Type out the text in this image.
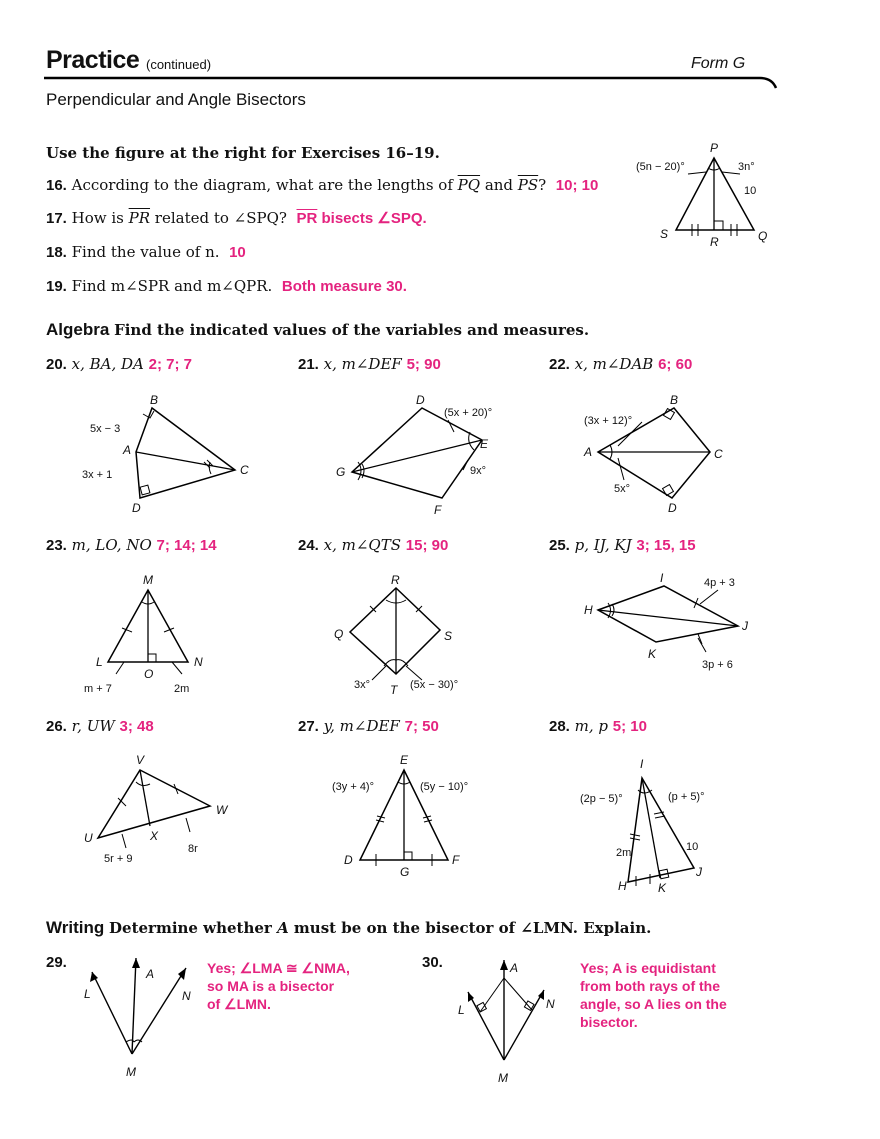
Practice (continued)	Form G
Perpendicular and Angle Bisectors
Use the figure at the right for Exercises 16–19.
16. According to the diagram, what are the lengths of $\overline{PQ}$ and $\overline{PS}$? 10; 10
17. How is $\overline{PR}$ related to ∠SPQ? $\overline{PR}$ bisects ∠SPQ.
18. Find the value of n. 10
19. Find m∠SPR and m∠QPR. Both measure 30.
P
S
R	Q
(5n − 20)°	3n°
10
Algebra Find the indicated values of the variables and measures.
20. x, BA, DA 2; 7; 7	21. x, m∠DEF 5; 90	22. x, m∠DAB 6; 60
B
A
C
D
5x − 3
3x + 1
D
E
F
G
(5x + 20)°
9x°
B
A	C
D
(3x + 12)°
5x°
23. m, LO, NO 7; 14; 14	24. x, m∠QTS 15; 90	25. p, IJ, KJ 3; 15, 15
M
L
O
N
m + 7	2m
R
Q	S
T
3x°	(5x − 30)°
I
H
J
K
4p + 3
3p + 6
26. r, UW 3; 48	27. y, m∠DEF 7; 50	28. m, p 5; 10
V
U
W
X
5r + 9
8r
E
D
G
F
(3y + 4)°	(5y − 10)°
I
H	K
J
(2p − 5)°	(p + 5)°
2m	10
Writing Determine whether A must be on the bisector of ∠LMN. Explain.
29.
L
A
N
M
Yes; ∠LMA ≅ ∠NMA,
so MA is a bisector
of ∠LMN.
30.
L
A
N
M
Yes; A is equidistant
from both rays of the
angle, so A lies on the
bisector.
